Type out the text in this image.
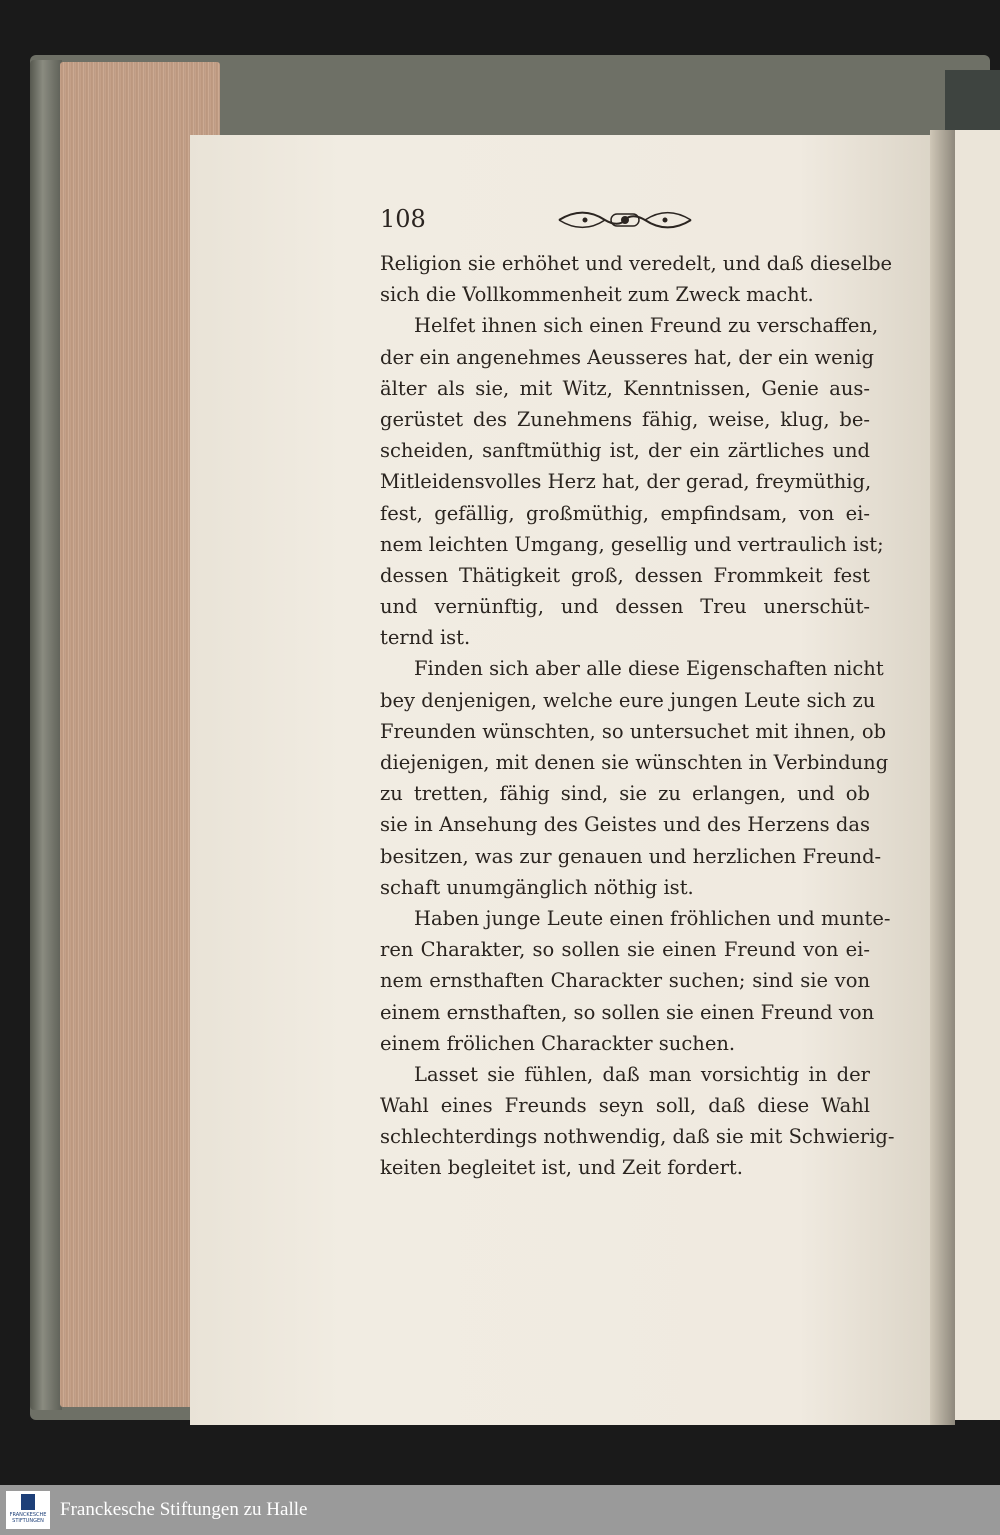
108
Religion sie erhöhet und veredelt, und daß dieselbe
sich die Vollkommenheit zum Zweck macht.
Helfet ihnen sich einen Freund zu verschaffen,
der ein angenehmes Aeusseres hat, der ein wenig
älter als sie, mit Witz, Kenntnissen, Genie aus-
gerüstet des Zunehmens fähig, weise, klug, be-
scheiden, sanftmüthig ist, der ein zärtliches und
Mitleidensvolles Herz hat, der gerad, freymüthig,
fest, gefällig, großmüthig, empfindsam, von ei-
nem leichten Umgang, gesellig und vertraulich ist;
dessen Thätigkeit groß, dessen Frommkeit fest
und vernünftig, und dessen Treu unerschüt-
ternd ist.
Finden sich aber alle diese Eigenschaften nicht
bey denjenigen, welche eure jungen Leute sich zu
Freunden wünschten, so untersuchet mit ihnen, ob
diejenigen, mit denen sie wünschten in Verbindung
zu tretten, fähig sind, sie zu erlangen, und ob
sie in Ansehung des Geistes und des Herzens das
besitzen, was zur genauen und herzlichen Freund-
schaft unumgänglich nöthig ist.
Haben junge Leute einen fröhlichen und munte-
ren Charakter, so sollen sie einen Freund von ei-
nem ernsthaften Charackter suchen; sind sie von
einem ernsthaften, so sollen sie einen Freund von
einem frölichen Charackter suchen.
Lasset sie fühlen, daß man vorsichtig in der
Wahl eines Freunds seyn soll, daß diese Wahl
schlechterdings nothwendig, daß sie mit Schwierig-
keiten begleitet ist, und Zeit fordert.
FRANCKESCHE STIFTUNGEN
Franckesche Stiftungen zu Halle
